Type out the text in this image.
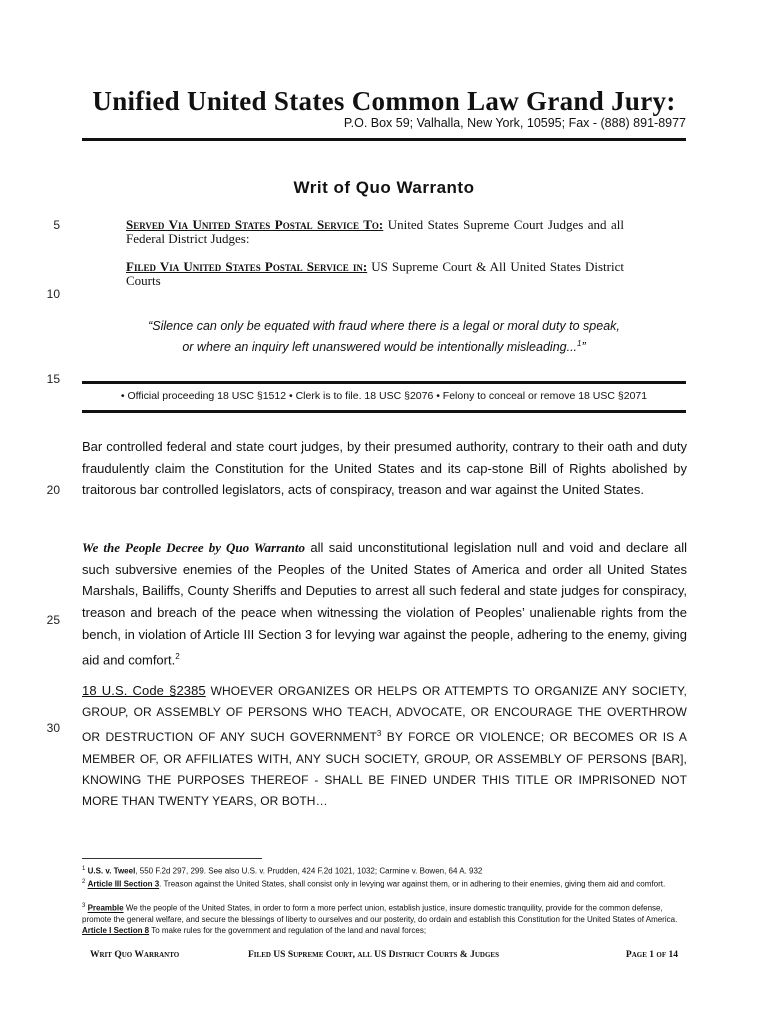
Unified United States Common Law Grand Jury:
P.O. Box 59; Valhalla, New York, 10595; Fax - (888) 891-8977
Writ of Quo Warranto
5
10
15
20
25
30
Served Via United States Postal Service To: United States Supreme Court Judges and all Federal District Judges:
Filed Via United States Postal Service in: US Supreme Court & All United States District Courts
“Silence can only be equated with fraud where there is a legal or moral duty to speak,
or where an inquiry left unanswered would be intentionally misleading...$^1$”
• Official proceeding 18 USC §1512 • Clerk is to file. 18 USC §2076 • Felony to conceal or remove 18 USC §2071
Bar controlled federal and state court judges, by their presumed authority, contrary to their oath and duty fraudulently claim the Constitution for the United States and its cap-stone Bill of Rights abolished by traitorous bar controlled legislators, acts of conspiracy, treason and war against the United States.
We the People Decree by Quo Warranto all said unconstitutional legislation null and void and declare all such subversive enemies of the Peoples of the United States of America and order all United States Marshals, Bailiffs, County Sheriffs and Deputies to arrest all such federal and state judges for conspiracy, treason and breach of the peace when witnessing the violation of Peoples’ unalienable rights from the bench, in violation of Article III Section 3 for levying war against the people, adhering to the enemy, giving aid and comfort.$^2$
18 U.S. Code §2385 WHOEVER ORGANIZES OR HELPS OR ATTEMPTS TO ORGANIZE ANY SOCIETY, GROUP, OR ASSEMBLY OF PERSONS WHO TEACH, ADVOCATE, OR ENCOURAGE THE OVERTHROW OR DESTRUCTION OF ANY SUCH GOVERNMENT$^3$ BY FORCE OR VIOLENCE; OR BECOMES OR IS A MEMBER OF, OR AFFILIATES WITH, ANY SUCH SOCIETY, GROUP, OR ASSEMBLY OF PERSONS [BAR], KNOWING THE PURPOSES THEREOF - SHALL BE FINED UNDER THIS TITLE OR IMPRISONED NOT MORE THAN TWENTY YEARS, OR BOTH…
$^1$ U.S. v. Tweel, 550 F.2d 297, 299. See also U.S. v. Prudden, 424 F.2d 1021, 1032; Carmine v. Bowen, 64 A. 932
$^2$ Article III Section 3. Treason against the United States, shall consist only in levying war against them, or in adhering to their enemies, giving them aid and comfort.
$^3$ Preamble We the people of the United States, in order to form a more perfect union, establish justice, insure domestic tranquility, provide for the common defense, promote the general welfare, and secure the blessings of liberty to ourselves and our posterity, do ordain and establish this Constitution for the United States of America. Article I Section 8 To make rules for the government and regulation of the land and naval forces;
Writ Quo Warranto	Filed US Supreme Court, all US District Courts & Judges	Page 1 of 14
